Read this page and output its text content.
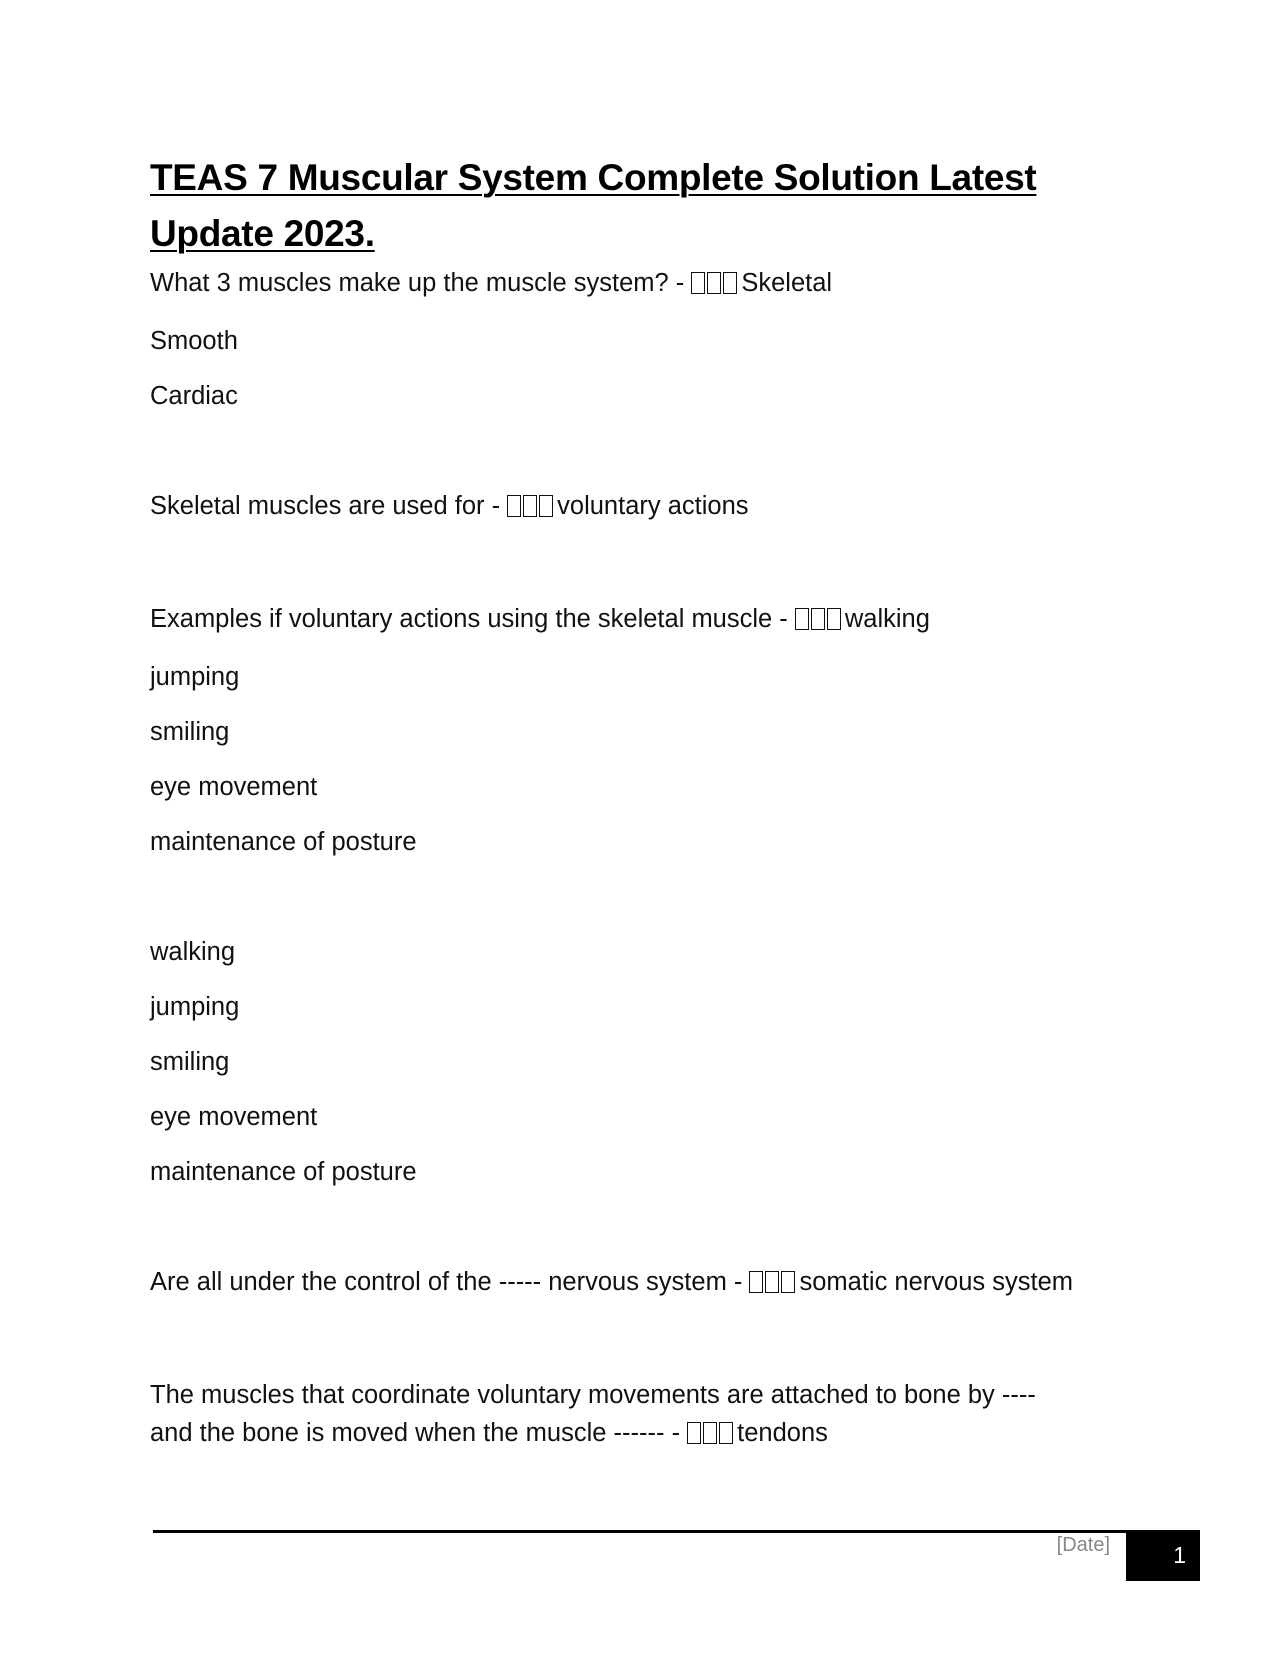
TEAS 7 Muscular System Complete Solution Latest
Update 2023.
What 3 muscles make up the muscle system? - Skeletal
Smooth
Cardiac
Skeletal muscles are used for - voluntary actions
Examples if voluntary actions using the skeletal muscle - walking
jumping
smiling
eye movement
maintenance of posture
walking
jumping
smiling
eye movement
maintenance of posture
Are all under the control of the ----- nervous system - somatic nervous system
The muscles that coordinate voluntary movements are attached to bone by ---- and the bone is moved when the muscle ------ - tendons
[Date]	1
